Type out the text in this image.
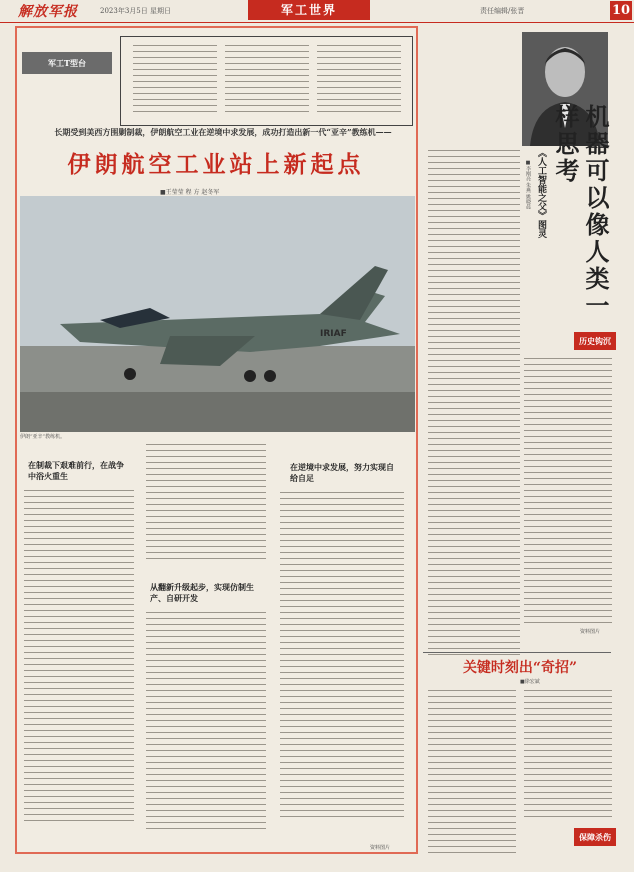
解放军报	2023年3月5日 星期日	军工世界	责任编辑/张晋	10
军工T型台
长期受到美西方围剿制裁，伊朗航空工业在逆境中求发展，成功打造出新一代“亚辛”教练机——
伊朗航空工业站上新起点
■王莹莹 程 方 赵冬军
IRIAF
伊朗“亚辛”教练机。
在制裁下艰难前行，在战争中浴火重生
从翻新升级起步，实现仿制生产、自研开发
在逆境中求发展，努力实现自给自足
资料图片
机器可以像人类一样思考
《人工智能之父》图灵
■李刚亮 朱燕 姚晓晨
历史钩沉
资料图片
关键时刻出“奇招”
■徐宏斌
保障杀伤
